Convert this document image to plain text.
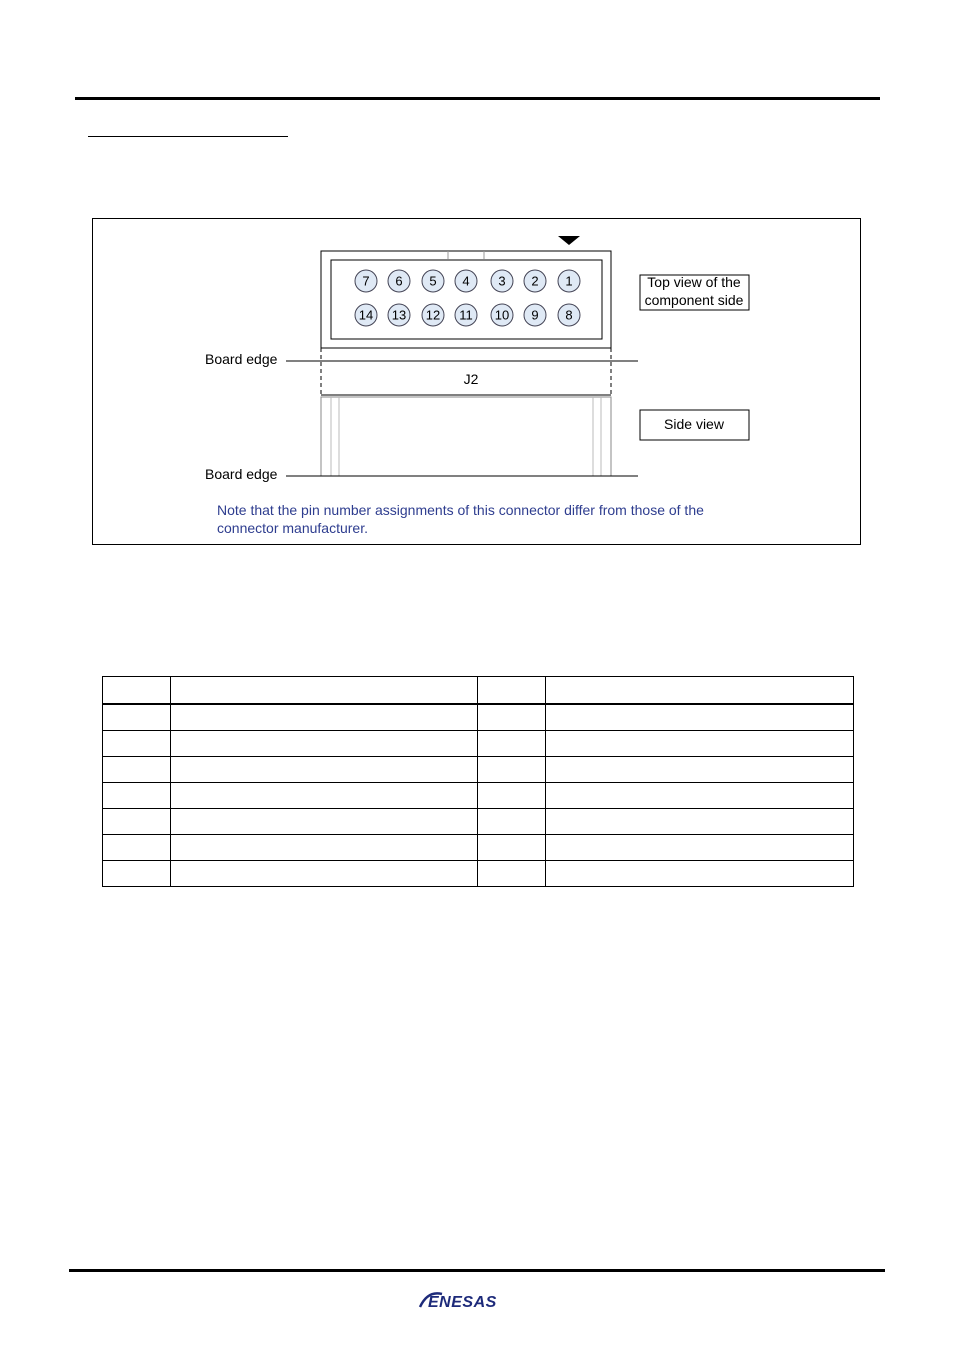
7 6 5 4 3 2 1
14 13 12 11 10 9 8
J2
Board edge
Board edge
Top view of the
component side
Side view
Note that the pin number assignments of this connector differ from those of the
connector manufacturer.

ENESAS
